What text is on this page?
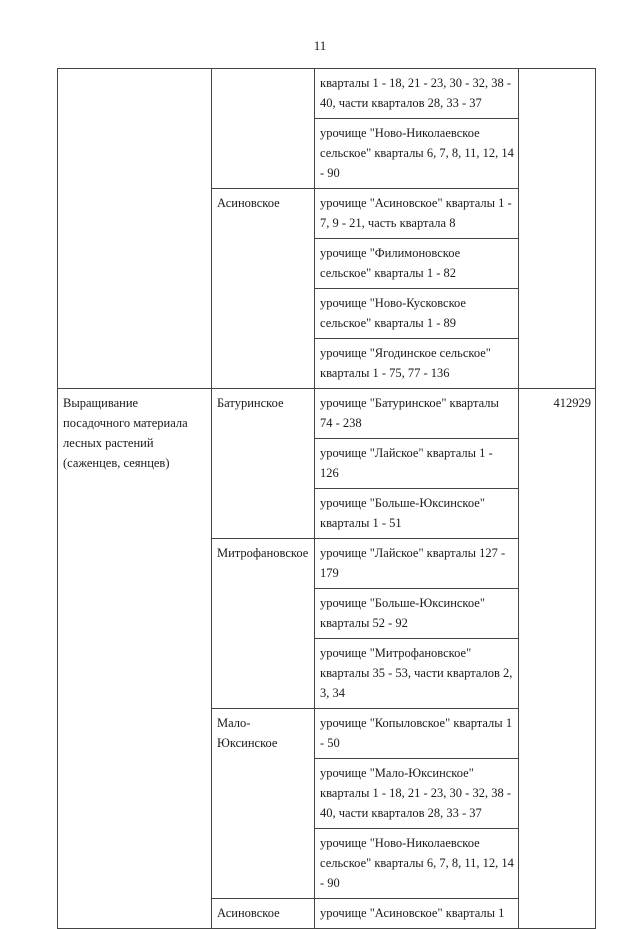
11
		кварталы 1 - 18, 21 - 23, 30 - 32, 38 - 40, части кварталов 28, 33 - 37	
		урочище "Ново-Николаевское сельское" кварталы 6, 7, 8, 11, 12, 14 - 90	
	Асиновское	урочище "Асиновское" кварталы 1 - 7, 9 - 21, часть квартала 8	
		урочище "Филимоновское сельское" кварталы 1 - 82	
		урочище "Ново-Кусковское сельское" кварталы 1 - 89	
		урочище "Ягодинское сельское" кварталы 1 - 75, 77 - 136	
Выращивание посадочного материала лесных растений (саженцев, сеянцев)	Батуринское	урочище "Батуринское" кварталы 74 - 238	412929
		урочище "Лайское" кварталы 1 - 126	
		урочище "Больше-Юксинское" кварталы 1 - 51	
	Митрофановское	урочище "Лайское" кварталы 127 - 179	
		урочище "Больше-Юксинское" кварталы 52 - 92	
		урочище "Митрофановское" кварталы 35 - 53, части кварталов 2, 3, 34	
	Мало-Юксинское	урочище "Копыловское" кварталы 1 - 50	
		урочище "Мало-Юксинское" кварталы 1 - 18, 21 - 23, 30 - 32, 38 - 40, части кварталов 28, 33 - 37	
		урочище "Ново-Николаевское сельское" кварталы 6, 7, 8, 11, 12, 14 - 90	
	Асиновское	урочище "Асиновское" кварталы 1	
